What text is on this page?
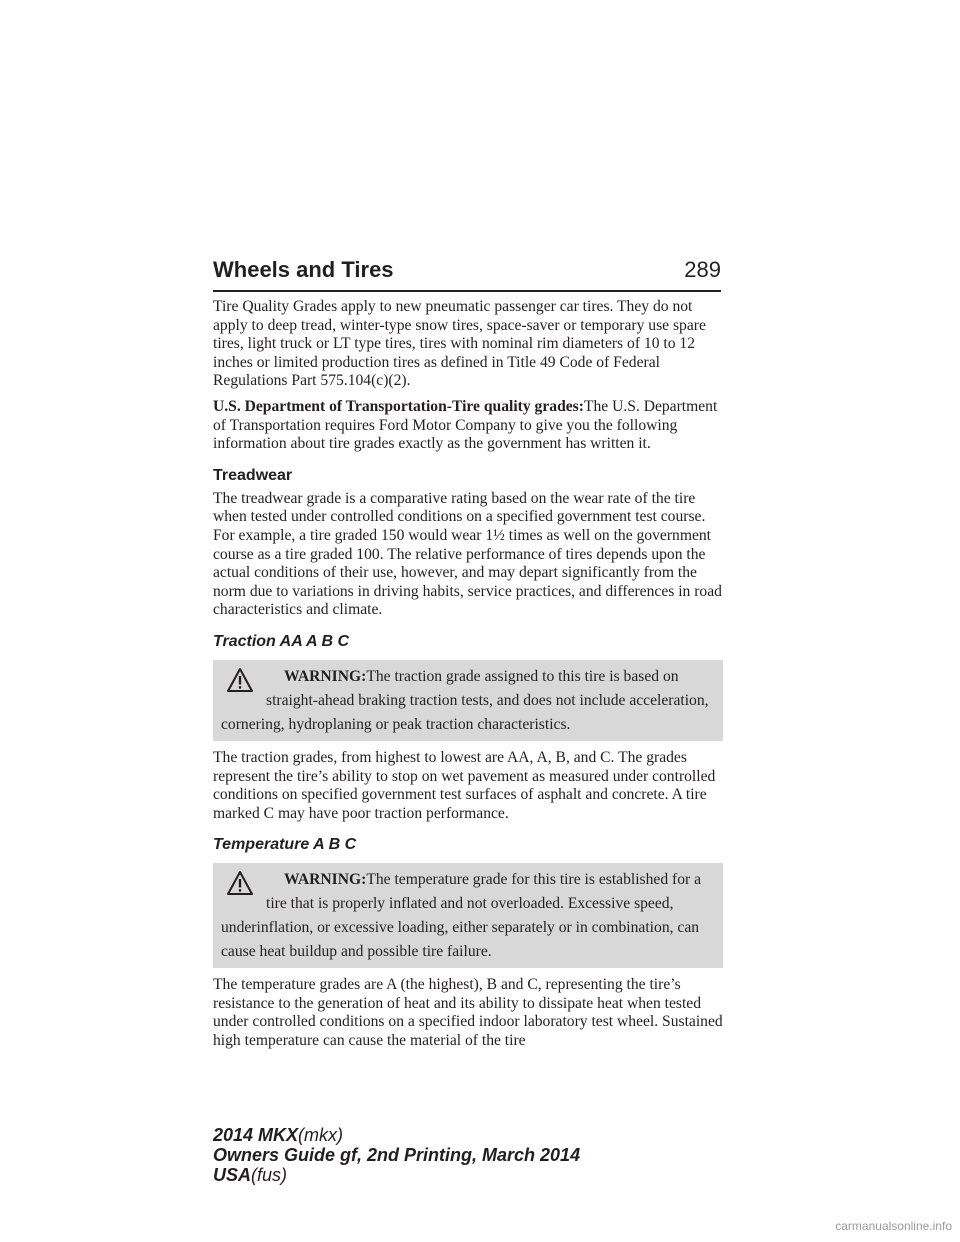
Wheels and Tires	289

Tire Quality Grades apply to new pneumatic passenger car tires. They do not apply to deep tread, winter-type snow tires, space-saver or temporary use spare tires, light truck or LT type tires, tires with nominal rim diameters of 10 to 12 inches or limited production tires as defined in Title 49 Code of Federal Regulations Part 575.104(c)(2).

U.S. Department of Transportation-Tire quality grades:The U.S. Department of Transportation requires Ford Motor Company to give you the following information about tire grades exactly as the government has written it.

Treadwear

The treadwear grade is a comparative rating based on the wear rate of the tire when tested under controlled conditions on a specified government test course. For example, a tire graded 150 would wear 1½ times as well on the government course as a tire graded 100. The relative performance of tires depends upon the actual conditions of their use, however, and may depart significantly from the norm due to variations in driving habits, service practices, and differences in road characteristics and climate.

Traction AA A B C
WARNING:The traction grade assigned to this tire is based on straight-ahead braking traction tests, and does not include acceleration, cornering, hydroplaning or peak traction characteristics.

The traction grades, from highest to lowest are AA, A, B, and C. The grades represent the tire’s ability to stop on wet pavement as measured under controlled conditions on specified government test surfaces of asphalt and concrete. A tire marked C may have poor traction performance.

Temperature A B C
WARNING:The temperature grade for this tire is established for a tire that is properly inflated and not overloaded. Excessive speed, underinflation, or excessive loading, either separately or in combination, can cause heat buildup and possible tire failure.

The temperature grades are A (the highest), B and C, representing the tire’s resistance to the generation of heat and its ability to dissipate heat when tested under controlled conditions on a specified indoor laboratory test wheel. Sustained high temperature can cause the material of the tire

2014 MKX(mkx)
Owners Guide gf, 2nd Printing, March 2014
USA(fus)
carmanualsonline.info
